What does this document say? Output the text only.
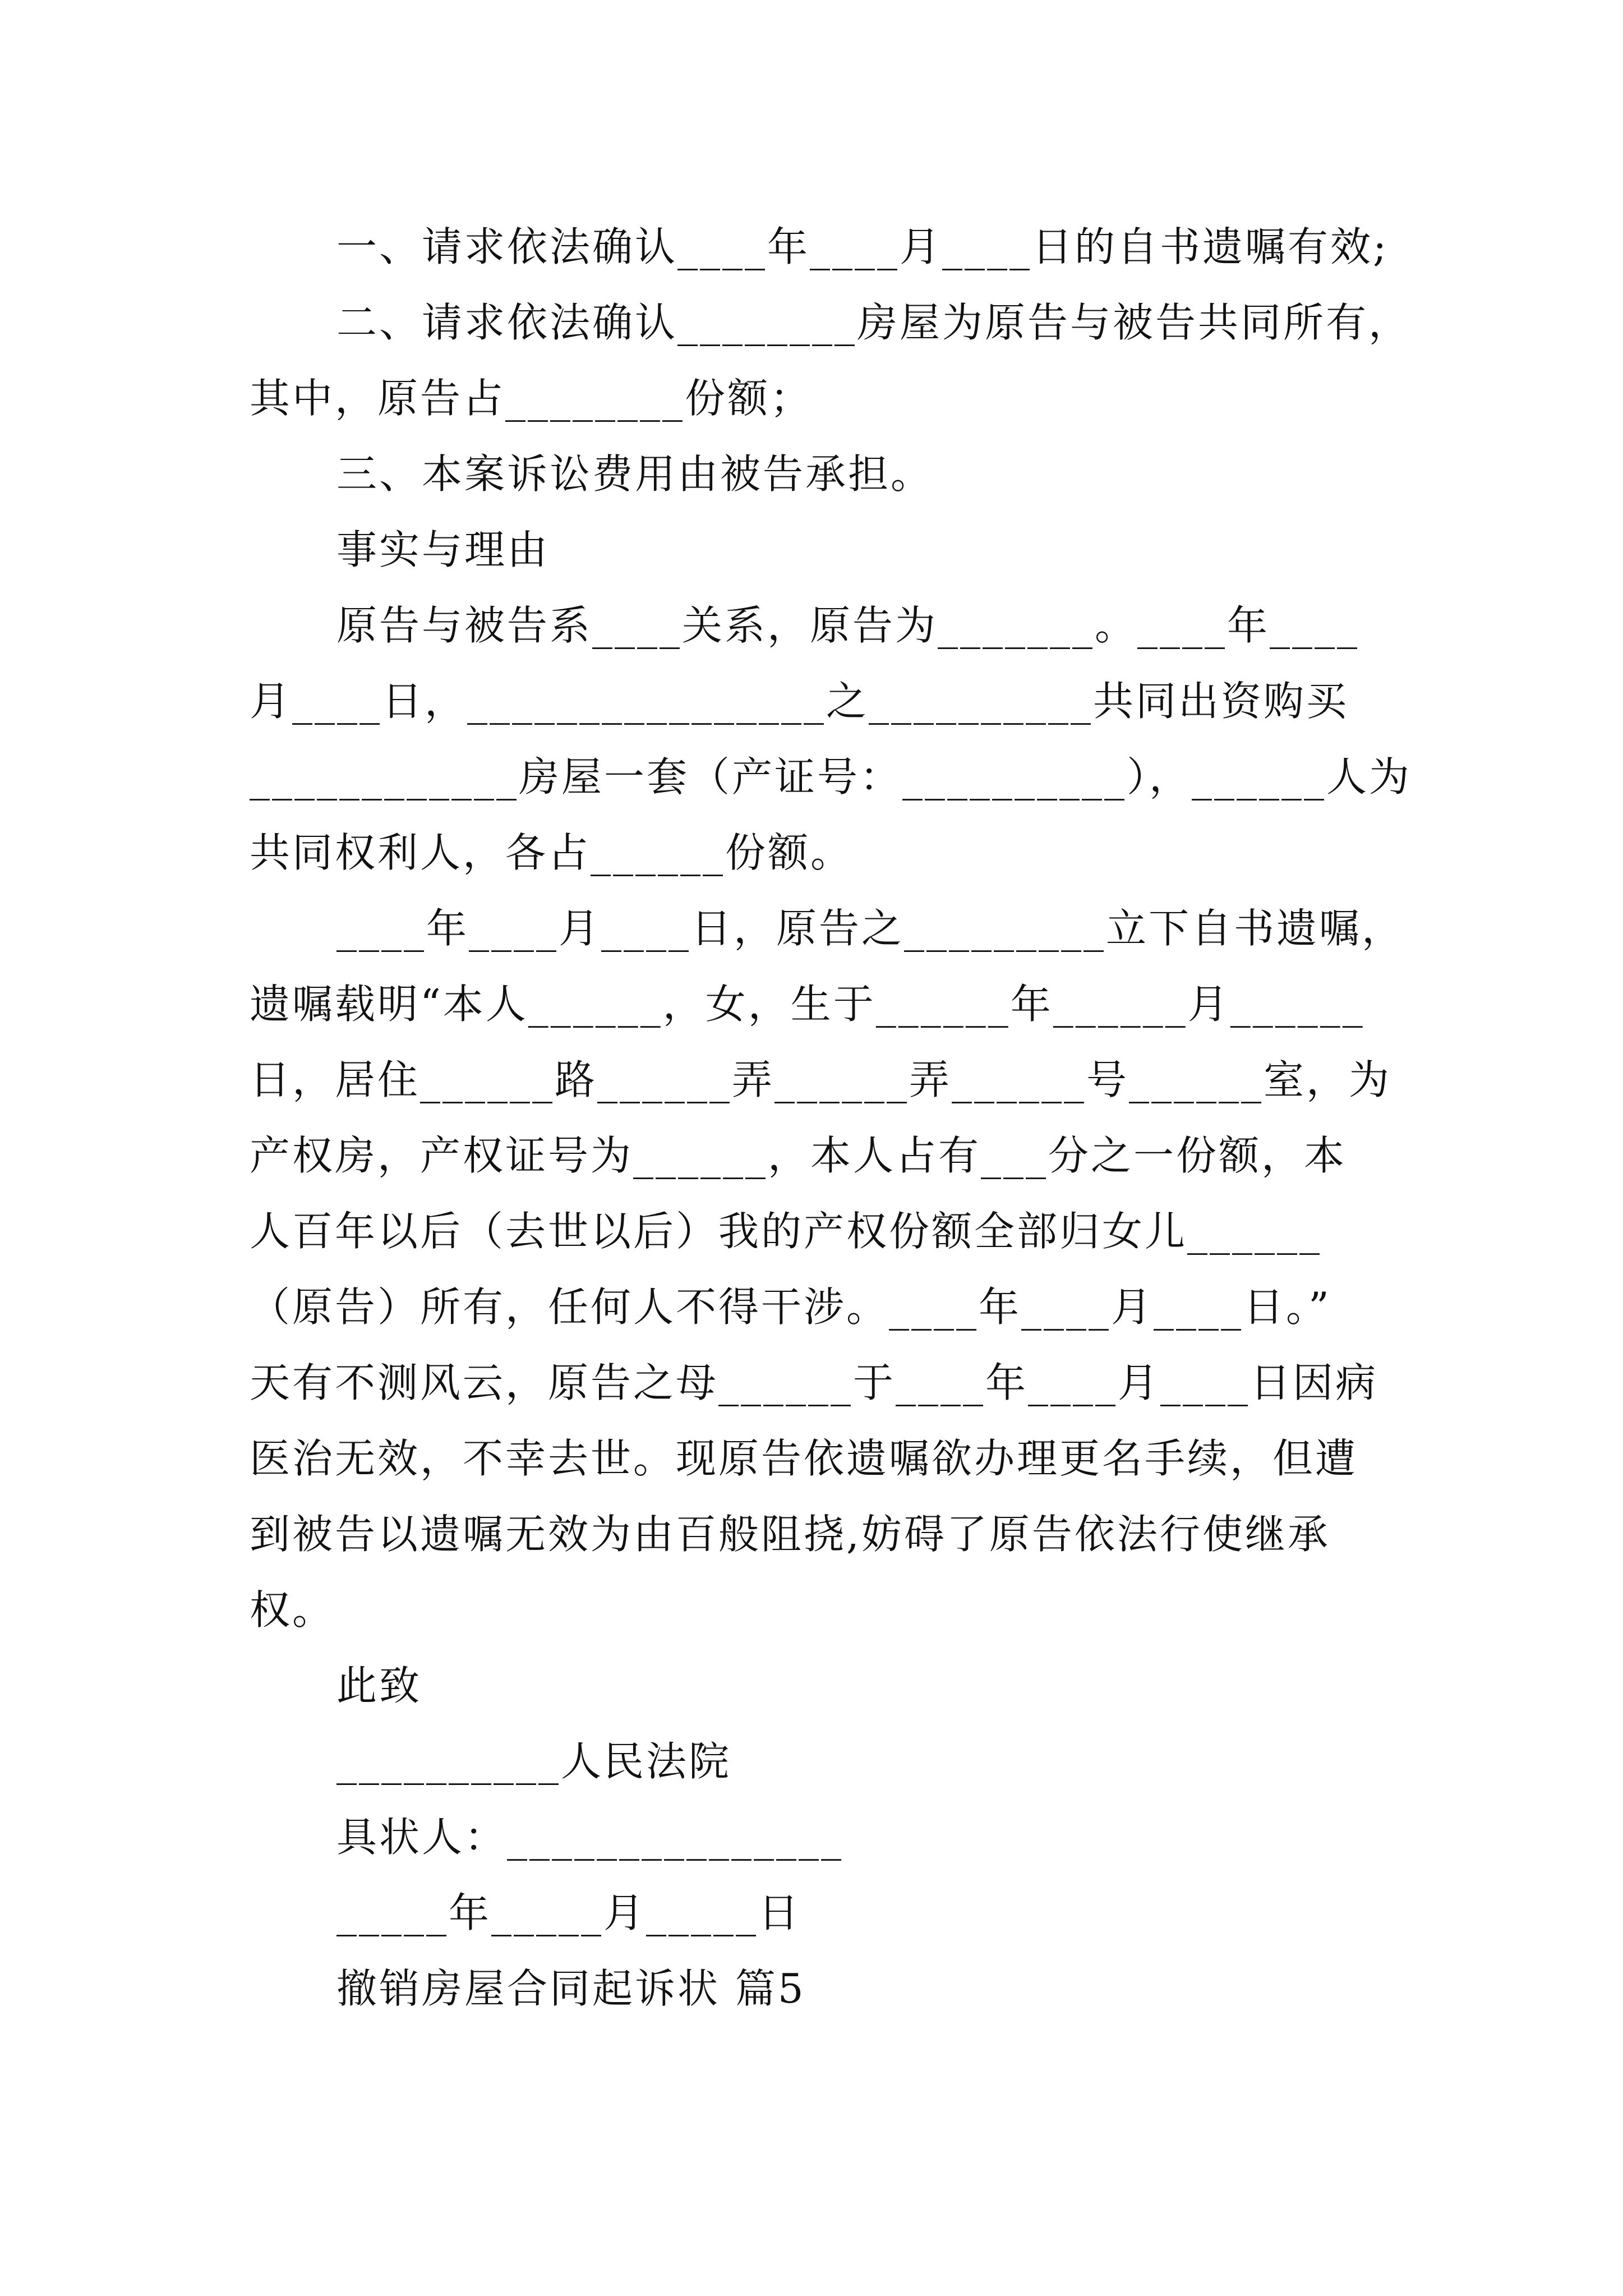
一、请求依法确认____年____月____日的自书遗嘱有效;
二、请求依法确认________房屋为原告与被告共同所有，
其中，原告占________份额；
三、本案诉讼费用由被告承担。
事实与理由
原告与被告系____关系，原告为_______。____年____
月____日，________________之__________共同出资购买
____________房屋一套（产证号：__________），______人为
共同权利人，各占______份额。
____年____月____日，原告之_________立下自书遗嘱，
遗嘱载明“本人______，女，生于______年______月______
日，居住______路______弄______弄______号______室，为
产权房，产权证号为______，本人占有___分之一份额，本
人百年以后（去世以后）我的产权份额全部归女儿______
（原告）所有，任何人不得干涉。____年____月____日。”
天有不测风云，原告之母______于____年____月____日因病
医治无效，不幸去世。现原告依遗嘱欲办理更名手续，但遭
到被告以遗嘱无效为由百般阻挠,妨碍了原告依法行使继承
权。
此致
__________人民法院
具状人：_______________
_____年_____月_____日
撤销房屋合同起诉状 篇5
